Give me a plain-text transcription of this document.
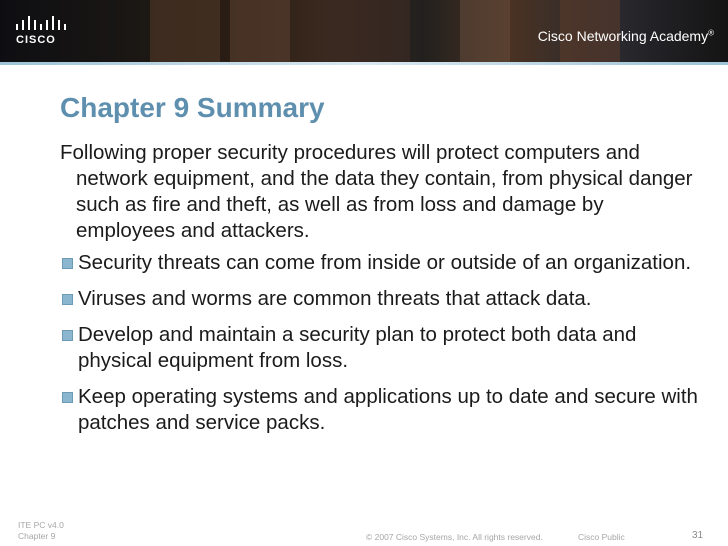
CISCO	Cisco Networking Academy®
Chapter 9 Summary

Following proper security procedures will protect computers and network equipment, and the data they contain, from physical danger such as fire and theft, as well as from loss and damage by employees and attackers.

Security threats can come from inside or outside of an organization.
Viruses and worms are common threats that attack data.
Develop and maintain a security plan to protect both data and physical equipment from loss.
Keep operating systems and applications up to date and secure with patches and service packs.
ITE PC v4.0
Chapter 9	© 2007 Cisco Systems, Inc. All rights reserved.	Cisco Public	31
